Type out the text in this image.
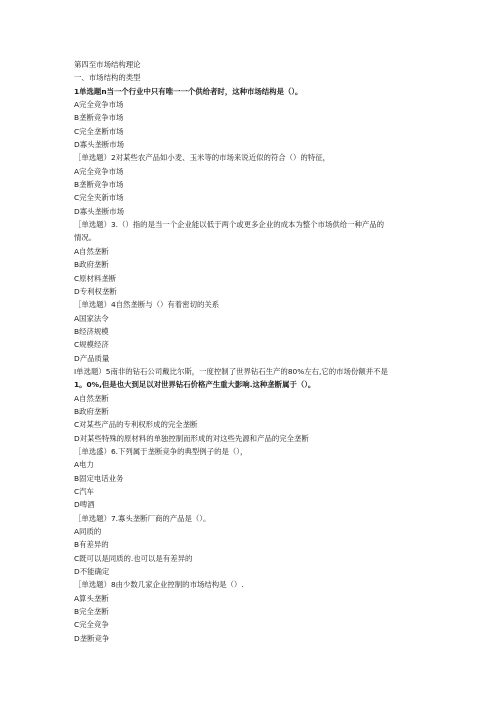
第四至市场结构理论
一、市场结构的类型
1单选题n当一个行业中只有唯一一个供给者时，这种市场结构是（）。
A完全竞争市场
B垄断竞争市场
C完全垄断市场
D寡头垄断市场
［单选题）2对某些农产品如小麦、玉米等的市场来说近似的符合（）的特征，
A完全竞争市场
B垄断竞争市场
C完全夹新市场
D寡头垄断市场
［单选题）3.（）指的是当一个企业能以低于两个或更多企业的成本为整个市场供给一种产品的
情况。
A自然垄断
B政府垄断
C原材料垄断
D专利权垄断
［单选题）4自然垄断与（）有着密切的关系
A国家法令
B经济规模
C规模经济
D产品质量
I单选题）5南非的钻石公司戴比尔斯，一度控制了世界钻石生产的80%左右,它的市场份额并不是
1。0%,但是也大到足以对世界钻石价格产生重大影响.这种垄断属于（）。
A自然垄断
B政府垄断
C对某些产品的专利权形成的完全垄断
D对某些特殊的原材料的单独控制而形成的对这些先源和产品的完全垄断
［单选盛）6.下列属于垄断竞争的典型例子的是（），
A电力
B固定电话业务
C汽车
D啤酒
［单选题）7.寡头垄断厂商的产品是（）。
A同质的
B有差异的
C既可以是同质的.也可以是有差异的
D不能确定
［单选题）8由少数几家企业控制的市场结构是（）.
A算头垄断
B完全垄断
C完全竞争
D垄断竞争
